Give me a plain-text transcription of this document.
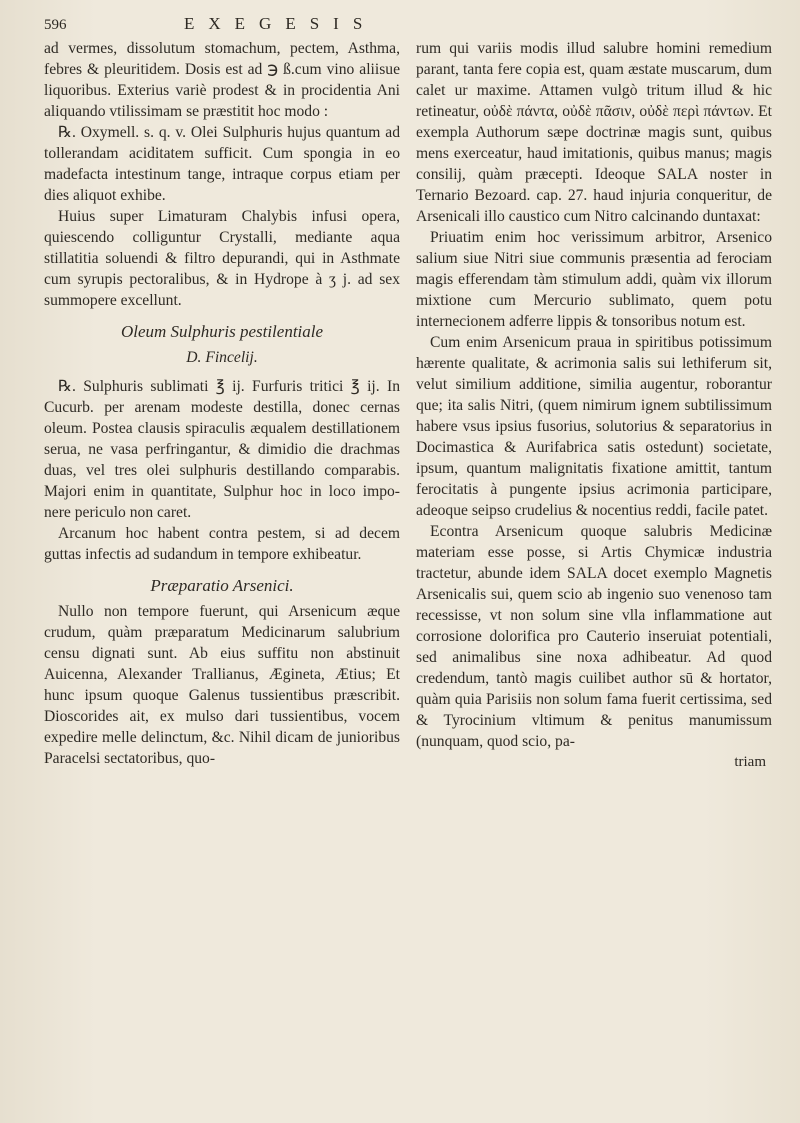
596	EXEGESIS

ad vermes, dissolutum stomachum, pectem, Asthma, febres & pleuritidem. Dosis est ad ℈ ß.cum vino aliisue liquoribus. Exterius variè prodest & in procidentia Ani aliquando vtilissimam se præstitit hoc modo :

℞. Oxymell. s. q. v. Olei Sulphuris hujus quantum ad tollerandam aciditatem sufficit. Cum spongia in eo madefacta intestinum tange, intraque corpus etiam per dies aliquot exhibe.

Huius super Limaturam Chalybis infusi opera, quiescendo colliguntur Crystalli, mediante aqua stillatitia soluendi & filtro depurandi, qui in Asthmate cum syrupis pectoralibus, & in Hydrope à ʒ j. ad sex summopere excellunt.

Oleum Sulphuris pestilentiale
D. Fincelij.

℞. Sulphuris sublimati ℥ ij. Furfuris tritici ℥ ij. In Cucurb. per arenam modeste destilla, donec cernas oleum. Postea clausis spiraculis æqualem destillationem serua, ne vasa perfringantur, & dimidio die drachmas duas, vel tres olei sulphuris destillando comparabis. Majori enim in quantitate, Sulphur hoc in loco impo-nere periculo non caret.

Arcanum hoc habent contra pestem, si ad decem guttas infectis ad sudandum in tempore exhibeatur.

Præparatio Arsenici.

Nullo non tempore fuerunt, qui Arsenicum æque crudum, quàm præparatum Medicinarum salubrium censu dignati sunt. Ab eius suffitu non abstinuit Auicenna, Alexander Trallianus, Ægineta, Ætius; Et hunc ipsum quoque Galenus tussientibus præscribit. Dioscorides ait, ex mulso dari tussientibus, vocem expedire melle delinctum, &c. Nihil dicam de junioribus Paracelsi sectatoribus, quo-

rum qui variis modis illud salubre homini remedium parant, tanta fere copia est, quam æstate muscarum, dum calet ur maxime. Attamen vulgò tritum illud & hic retineatur, οὐδὲ πάντα, οὐδὲ πᾶσιν, οὐδὲ περὶ πάντων. Et exempla Authorum sæpe doctrinæ magis sunt, quibus mens exerceatur, haud imitationis, quibus manus; magis consilij, quàm præcepti. Ideoque SALA noster in Ternario Bezoard. cap. 27. haud injuria conqueritur, de Arsenicali illo caustico cum Nitro calcinando duntaxat:

Priuatim enim hoc verissimum arbitror, Arsenico salium siue Nitri siue communis præsentia ad ferociam magis efferendam tàm stimulum addi, quàm vix illorum mixtione cum Mercurio sublimato, quem potu internecionem adferre lippis & tonsoribus notum est.

Cum enim Arsenicum praua in spiritibus potissimum hærente qualitate, & acrimonia salis sui lethiferum sit, velut similium additione, similia augentur, roborantur que; ita salis Nitri, (quem nimirum ignem subtilissimum habere vsus ipsius fusorius, solutorius & separatorius in Docimastica & Aurifabrica satis ostedunt) societate, ipsum, quantum malignitatis fixatione amittit, tantum ferocitatis à pungente ipsius acrimonia participare, adeoque seipso crudelius & nocentius reddi, facile patet.

Econtra Arsenicum quoque salubris Medicinæ materiam esse posse, si Artis Chymicæ industria tractetur, abunde idem SALA docet exemplo Magnetis Arsenicalis sui, quem scio ab ingenio suo venenoso tam recessisse, vt non solum sine vlla inflammatione aut corrosione dolorifica pro Cauterio inseruiat potentiali, sed animalibus sine noxa adhibeatur. Ad quod credendum, tantò magis cuilibet author sū & hortator, quàm quia Parisiis non solum fama fuerit certissima, sed & Tyrocinium vltimum & penitus manumissum (nunquam, quod scio, pa-

triam
